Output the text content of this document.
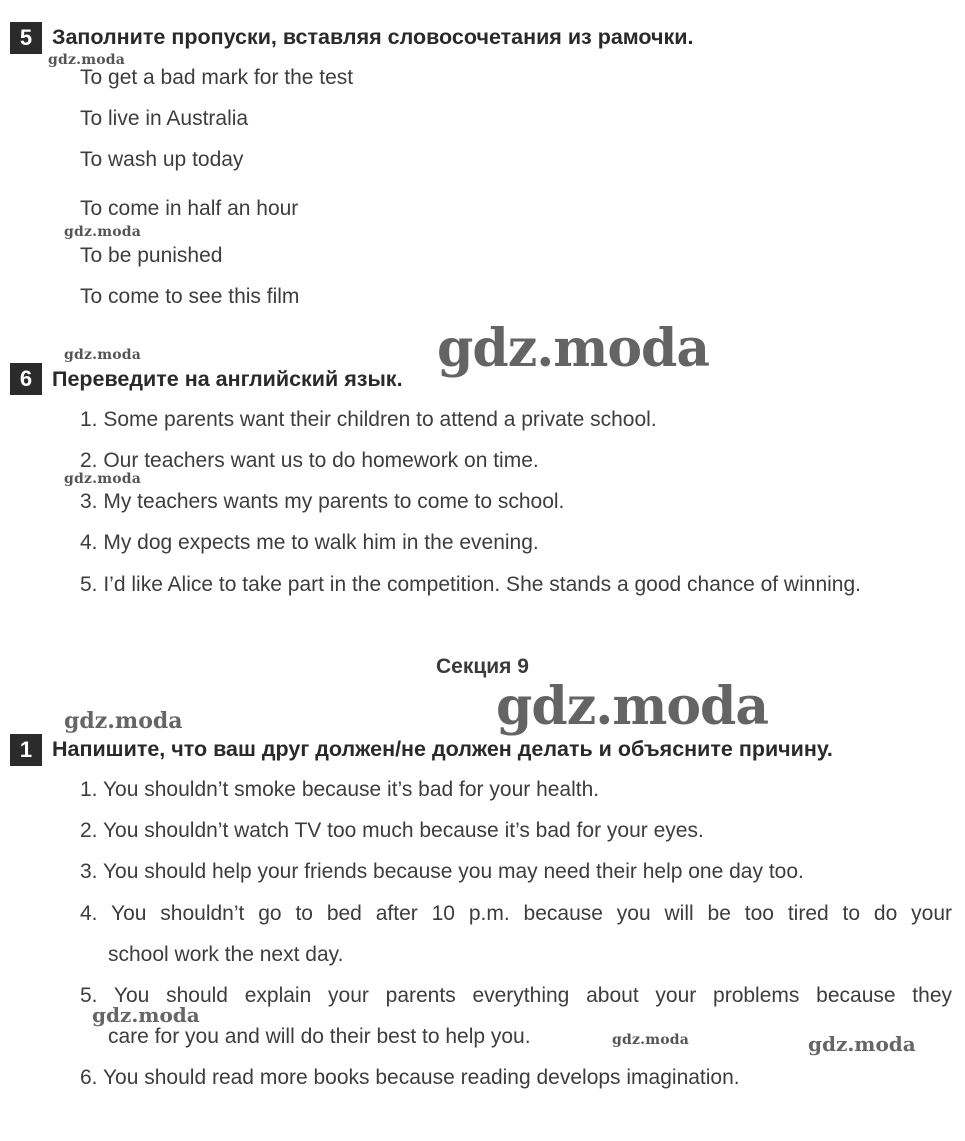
5 Заполните пропуски, вставляя словосочетания из рамочки.
gdz.moda
To get a bad mark for the test
To live in Australia
To wash up today
To come in half an hour
gdz.moda
To be punished
To come to see this film
gdz.moda	gdz.moda
6 Переведите на английский язык.
1. Some parents want their children to attend a private school.
2. Our teachers want us to do homework on time.
gdz.moda
3. My teachers wants my parents to come to school.
4. My dog expects me to walk him in the evening.
5. I’d like Alice to take part in the competition. She stands a good chance of winning.
Секция 9
gdz.moda
gdz.moda
1 Напишите, что ваш друг должен/не должен делать и объясните причину.
1. You shouldn’t smoke because it’s bad for your health.
2. You shouldn’t watch TV too much because it’s bad for your eyes.
3. You should help your friends because you may need their help one day too.
4. You shouldn’t go to bed after 10 p.m. because you will be too tired to do your
school work the next day.
5. You should explain your parents everything about your problems because they
gdz.moda
care for you and will do their best to help you.	gdz.moda	gdz.moda
6. You should read more books because reading develops imagination.
